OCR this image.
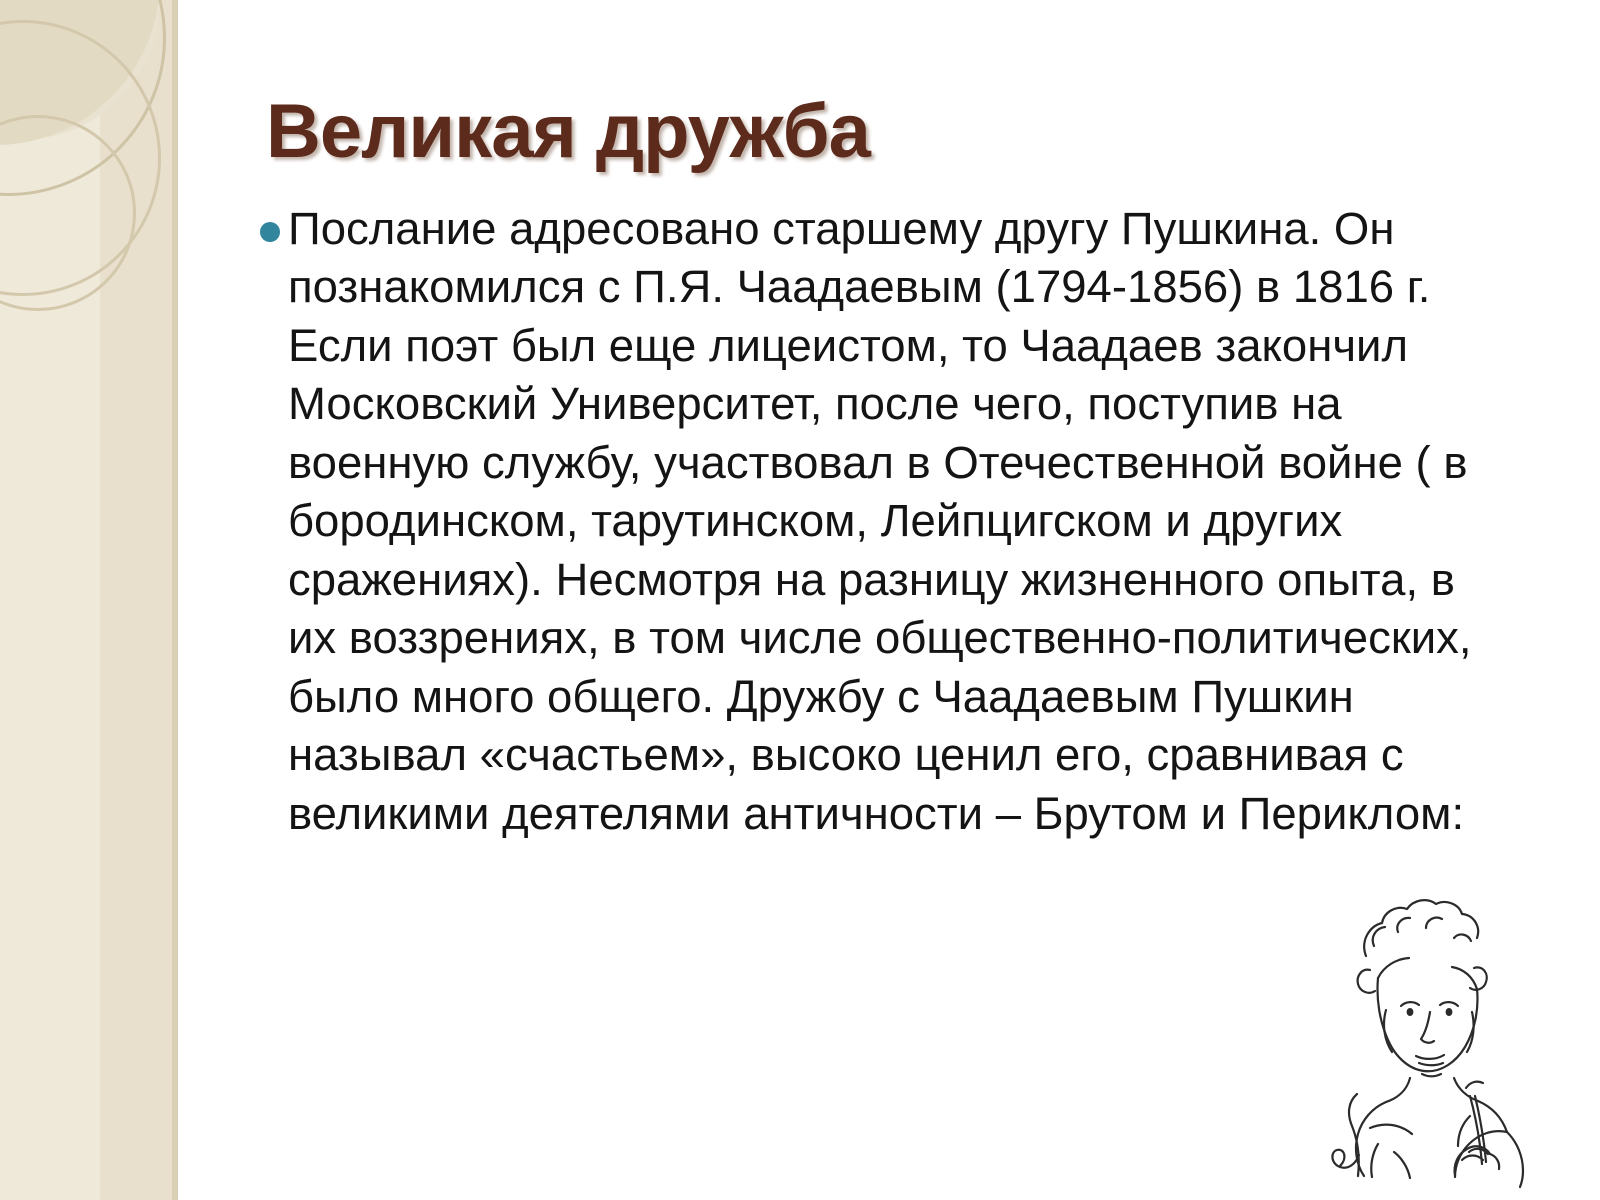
Великая дружба
Послание адресовано старшему другу Пушкина. Он познакомился с П.Я. Чаадаевым (1794-1856) в 1816 г. Если поэт был еще лицеистом, то Чаадаев закончил Московский Университет, после чего, поступив на военную службу, участвовал в Отечественной войне ( в бородинском, тарутинском, Лейпцигском и других сражениях). Несмотря на разницу жизненного опыта, в их воззрениях, в том числе общественно-политических, было много общего. Дружбу с Чаадаевым Пушкин называл «счастьем», высоко ценил его, сравнивая с великими деятелями античности – Брутом и Периклом:
